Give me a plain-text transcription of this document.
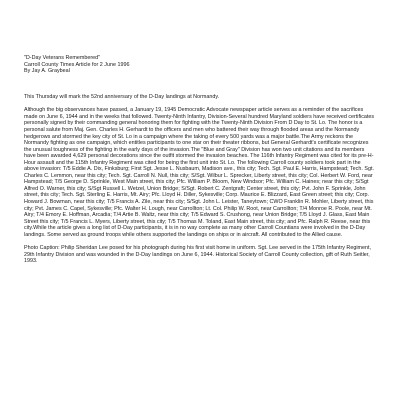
"D-Day Veterans Remembered"

Carroll County Times Article for 2 June 1996

By Jay A. Graybeal

This Thursday will mark the 52nd anniversary of the D-Day landings at Normandy.

Although the big observances have passed, a January 19, 1945 Democratic Advocate newspaper article serves as a reminder of the sacrifices made on June 6, 1944 and in the weeks that followed. Twenty-Ninth Infantry, Division-Several hundred Maryland soldiers have received certificates personally signed by their commanding general honoring them for fighting with the Twenty-Ninth Division From D Day to St. Lo. The honor is a personal salute from Maj. Gen. Charles H. Gerhardt to the officers and men who battered their way through flooded areas and the Normandy hedgerows and stormed the key city of St. Lo in a campaign where the taking of every 500 yards was a major battle.The Army reckons the Normandy fighting as one campaign, which entitles participants to one star on their theater ribbons, but General Gerhardt's certificate recognizes the unusual toughness of the fighting in the early days of the invasion.The "Blue and Gray" Division has won two unit citations and its members have been awarded 4,629 personal decorations since the outfit stormed the invasion beaches. The 116th Infantry Regiment was cited for its pre-H-Hour assault and the 115th Infantry Regiment was cited for being the first unit into St. Lo. The following Carroll county soldiers took part in the above invasion: T/5 Eddie A. Dix, Finksburg; First Sgt. Jesse L. Nusbaum, Madison ave., this city; Tech. Sgt. Paul E. Harris, Hampstead; Tech. Sgt. Charles C. Lemmon, near this city; Tech. Sgt. Carroll N. Null, this city; S/Sgt. Wilbur L. Sprecker, Liberty street, this city; Col. Herbert W. Ford, near Hampstead; T/5 George D. Sprinkle, West Main street, this city; Pfc. William P. Bloom, New Windsor; Pfc. William C. Haines; near this city; S/Sgt Alfred O. Warner, this city; S/Sgt Russell L. Wetzel, Union Bridge; S/Sgt. Robert C. Zentgraft; Center street, this city; Pvt. John F. Sprinkle, John street, this city; Tech. Sgt. Sterling E. Harris, Mt. Airy; Pfc. Lloyd H. Diller, Sykesville; Corp. Maurice E. Blizzard, East Green street; this city; Corp. Howard J. Bowman, near this city; T/5 Francis A. Zile, near this city; S/Sgt. John L. Leister, Taneytown; CWO Franklin R. Mohler, Liberty street, this city; Pvt. James C. Capel, Sykesville; Pfc. Walter H. Lough, near Carrollton; Lt. Col. Philip W. Root, near Carrollton; T/4 Monroe R. Poole, near Mt. Airy; T/4 Emory E. Hoffman, Arcadia; T/4 Artie B. Waltz, near this city; T/5 Edward S. Crushong, near Union Bridge; T/5 Lloyd J. Glass, East Main Street this city; T/5 Francis L. Myers, Liberty street, this city; T/5 Thomas M. Toland, East Main street, this city; and Pfc. Ralph R. Reese, near this city.While the article gives a long list of D-Day participants, it is in no way complete as many other Carroll Countians were involved in the D-Day landings. Some served as ground troops while others supported the landings on ships or in aircraft. All contributed to the Allied cause.

Photo Caption: Philip Sheridan Lee posed for his photograph during his first visit home in uniform. Sgt. Lee served in the 175th Infantry Regiment, 29th Infantry Division and was wounded in the D-Day landings on June 6, 1944. Historical Society of Carroll County collection, gift of Ruth Seitler, 1993.
